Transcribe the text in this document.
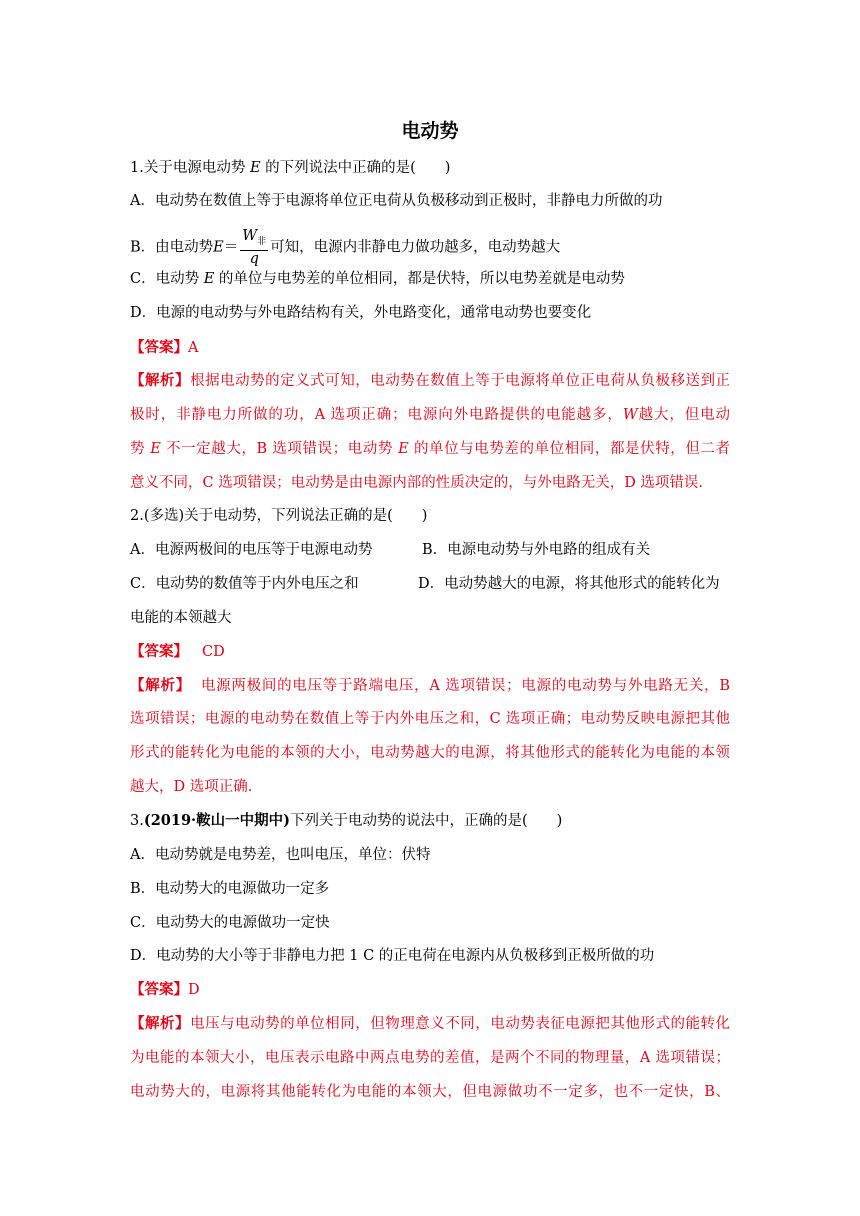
电动势
1.关于电源电动势 E 的下列说法中正确的是(　　)
A．电动势在数值上等于电源将单位正电荷从负极移动到正极时，非静电力所做的功
B．由电动势$E= \frac{W_非}{q}$ 可知，电源内非静电力做功越多，电动势越大
C．电动势 E 的单位与电势差的单位相同，都是伏特，所以电势差就是电动势
D．电源的电动势与外电路结构有关，外电路变化，通常电动势也要变化
【答案】A
【解析】根据电动势的定义式可知，电动势在数值上等于电源将单位正电荷从负极移送到正
极时，非静电力所做的功，A 选项正确；电源向外电路提供的电能越多，W越大，但电动
势 E 不一定越大，B 选项错误；电动势 E 的单位与电势差的单位相同，都是伏特，但二者
意义不同，C 选项错误；电动势是由电源内部的性质决定的，与外电路无关，D 选项错误.
2.(多选)关于电动势，下列说法正确的是(　　)
A．电源两极间的电压等于电源电动势	B．电源电动势与外电路的组成有关
C．电动势的数值等于内外电压之和	D．电动势越大的电源，将其他形式的能转化为
电能的本领越大
【答案】 CD
【解析】 电源两极间的电压等于路端电压，A 选项错误；电源的电动势与外电路无关，B
选项错误；电源的电动势在数值上等于内外电压之和，C 选项正确；电动势反映电源把其他
形式的能转化为电能的本领的大小，电动势越大的电源，将其他形式的能转化为电能的本领
越大，D 选项正确.
3.(2019·鞍山一中期中)下列关于电动势的说法中，正确的是(　　)
A．电动势就是电势差，也叫电压，单位：伏特
B．电动势大的电源做功一定多
C．电动势大的电源做功一定快
D．电动势的大小等于非静电力把 1 C 的正电荷在电源内从负极移到正极所做的功
【答案】D
【解析】电压与电动势的单位相同，但物理意义不同，电动势表征电源把其他形式的能转化
为电能的本领大小，电压表示电路中两点电势的差值，是两个不同的物理量，A 选项错误；
电动势大的，电源将其他能转化为电能的本领大，但电源做功不一定多，也不一定快，B、
